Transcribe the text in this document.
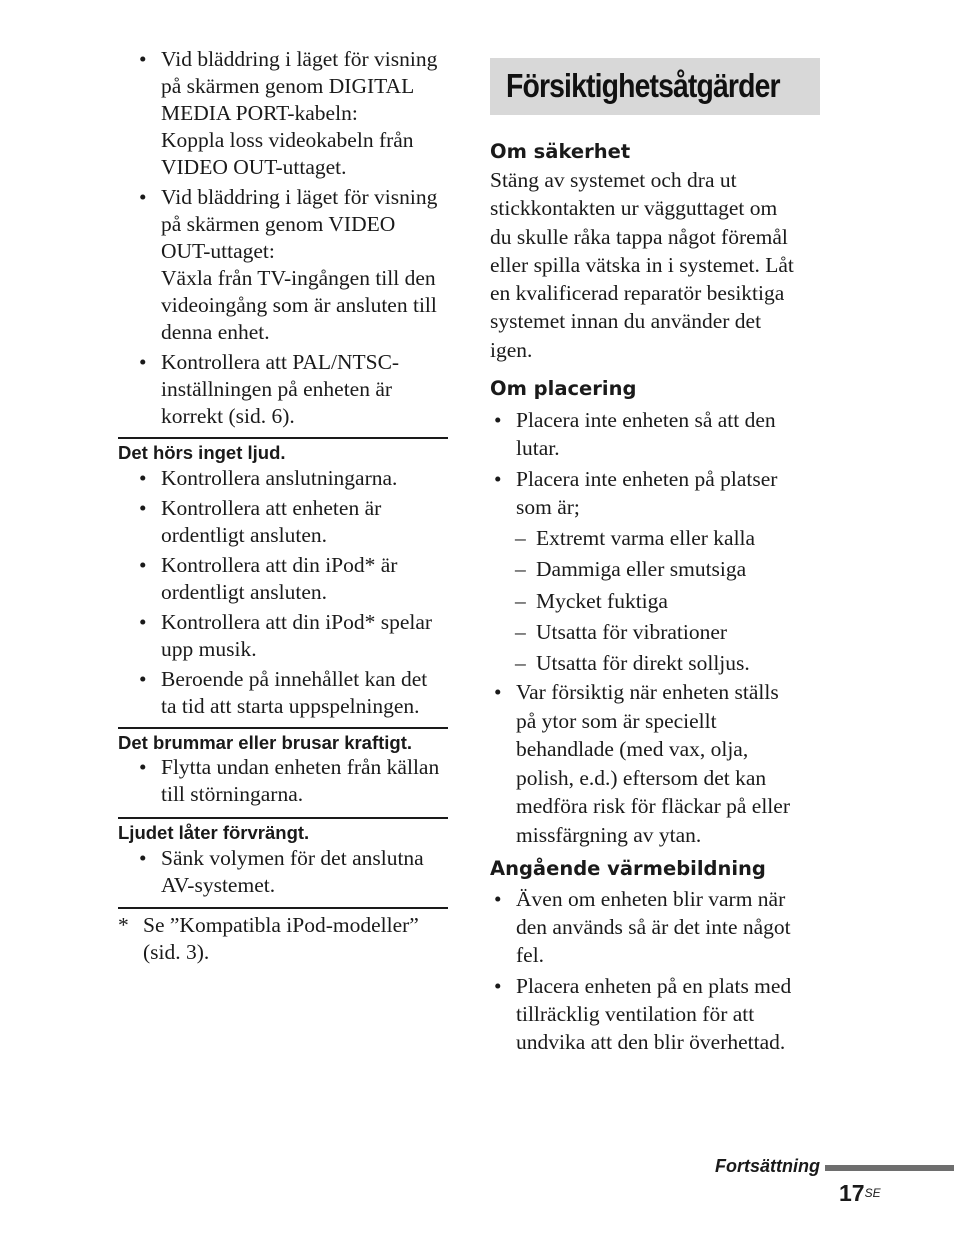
• Vid bläddring i läget för visning
på skärmen genom DIGITAL
MEDIA PORT-kabeln:
Koppla loss videokabeln från
VIDEO OUT-uttaget.
• Vid bläddring i läget för visning
på skärmen genom VIDEO
OUT-uttaget:
Växla från TV-ingången till den
videoingång som är ansluten till
denna enhet.
• Kontrollera att PAL/NTSC-
inställningen på enheten är
korrekt (sid. 6).
Det hörs inget ljud.
• Kontrollera anslutningarna.
• Kontrollera att enheten är
ordentligt ansluten.
• Kontrollera att din iPod* är
ordentligt ansluten.
• Kontrollera att din iPod* spelar
upp musik.
• Beroende på innehållet kan det
ta tid att starta uppspelningen.
Det brummar eller brusar kraftigt.
• Flytta undan enheten från källan
till störningarna.
Ljudet låter förvrängt.
• Sänk volymen för det anslutna
AV-systemet.
* Se ”Kompatibla iPod-modeller”
(sid. 3).
Försiktighetsåtgärder
Om säkerhet
Stäng av systemet och dra ut
stickkontakten ur vägguttaget om
du skulle råka tappa något föremål
eller spilla vätska in i systemet. Låt
en kvalificerad reparatör besiktiga
systemet innan du använder det
igen.
Om placering
• Placera inte enheten så att den
lutar.
• Placera inte enheten på platser
som är;
– Extremt varma eller kalla
– Dammiga eller smutsiga
– Mycket fuktiga
– Utsatta för vibrationer
– Utsatta för direkt solljus.
• Var försiktig när enheten ställs
på ytor som är speciellt
behandlade (med vax, olja,
polish, e.d.) eftersom det kan
medföra risk för fläckar på eller
missfärgning av ytan.
Angående värmebildning
• Även om enheten blir varm när
den används så är det inte något
fel.
• Placera enheten på en plats med
tillräcklig ventilation för att
undvika att den blir överhettad.
Fortsättning
$17^{SE}$
